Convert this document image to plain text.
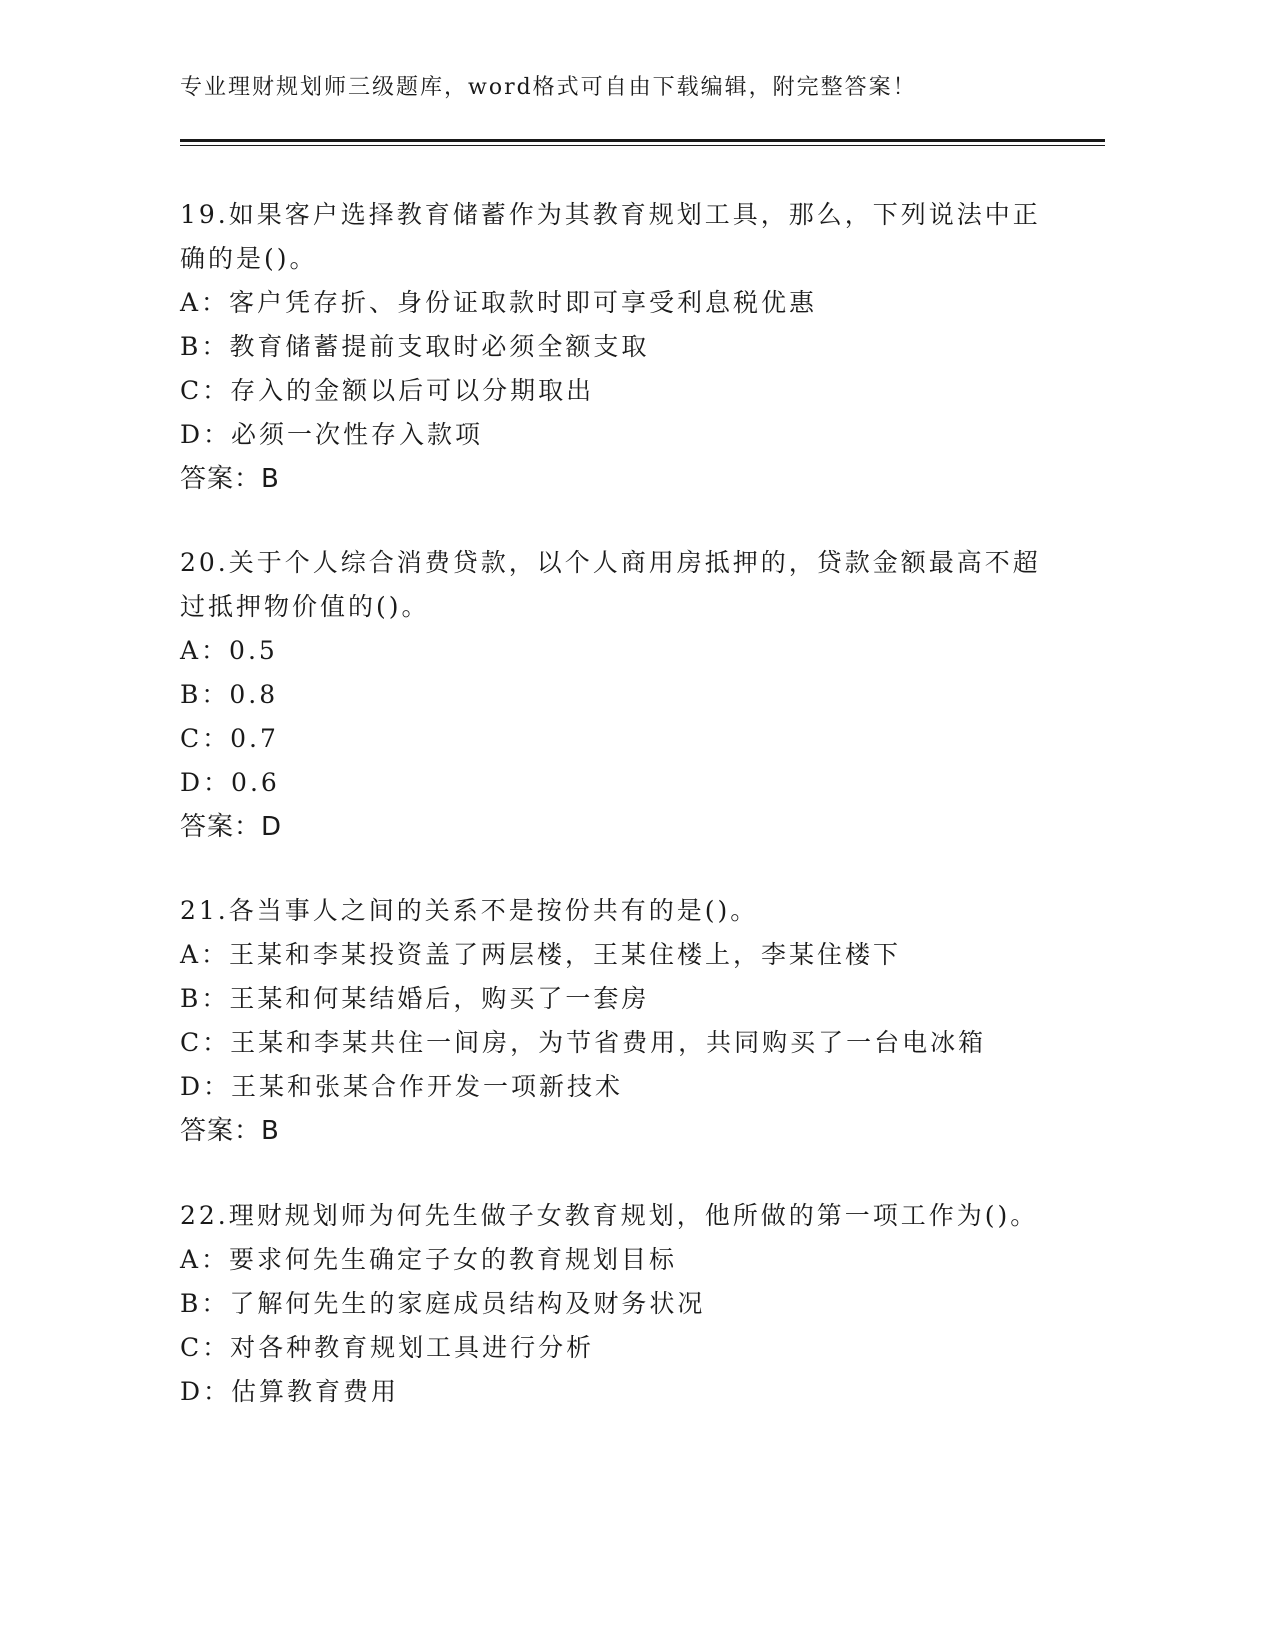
专业理财规划师三级题库，word格式可自由下载编辑，附完整答案！
19.如果客户选择教育储蓄作为其教育规划工具，那么，下列说法中正
确的是()。
A：客户凭存折、身份证取款时即可享受利息税优惠
B：教育储蓄提前支取时必须全额支取
C：存入的金额以后可以分期取出
D：必须一次性存入款项
答案：B
20.关于个人综合消费贷款，以个人商用房抵押的，贷款金额最高不超
过抵押物价值的()。
A：0.5
B：0.8
C：0.7
D：0.6
答案：D
21.各当事人之间的关系不是按份共有的是()。
A：王某和李某投资盖了两层楼，王某住楼上，李某住楼下
B：王某和何某结婚后，购买了一套房
C：王某和李某共住一间房，为节省费用，共同购买了一台电冰箱
D：王某和张某合作开发一项新技术
答案：B
22.理财规划师为何先生做子女教育规划，他所做的第一项工作为()。
A：要求何先生确定子女的教育规划目标
B：了解何先生的家庭成员结构及财务状况
C：对各种教育规划工具进行分析
D：估算教育费用
